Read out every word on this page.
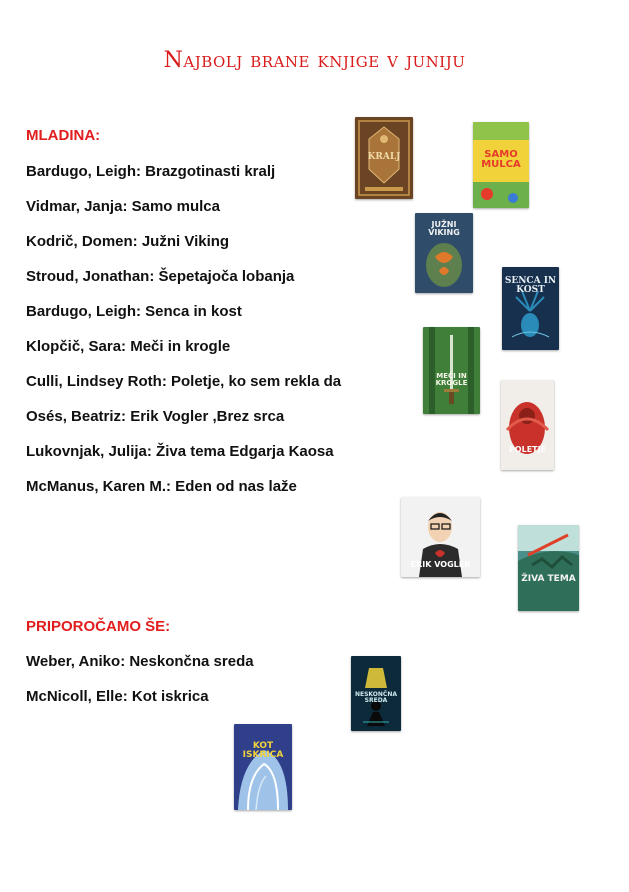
Najbolj brane knjige v juniju
MLADINA:
Bardugo, Leigh: Brazgotinasti kralj
Vidmar, Janja: Samo mulca
Kodrič, Domen: Južni Viking
Stroud, Jonathan: Šepetajoča lobanja
Bardugo, Leigh: Senca in kost
Klopčič, Sara: Meči in krogle
Culli, Lindsey Roth: Poletje, ko sem rekla da
Osés, Beatriz: Erik Vogler ,Brez srca
Lukovnjak, Julija: Živa tema Edgarja Kaosa
McManus, Karen M.: Eden od nas laže
PRIPOROČAMO ŠE:
Weber, Aniko: Neskončna sreda
McNicoll, Elle: Kot iskrica
KRALJ	SAMO MULCA
JUŽNI VIKING
SENCA IN KOST
MEČI IN KROGLE
POLETJE
ERIK VOGLER
ŽIVA TEMA
NESKONČNA SREDA
KOT ISKRICA
